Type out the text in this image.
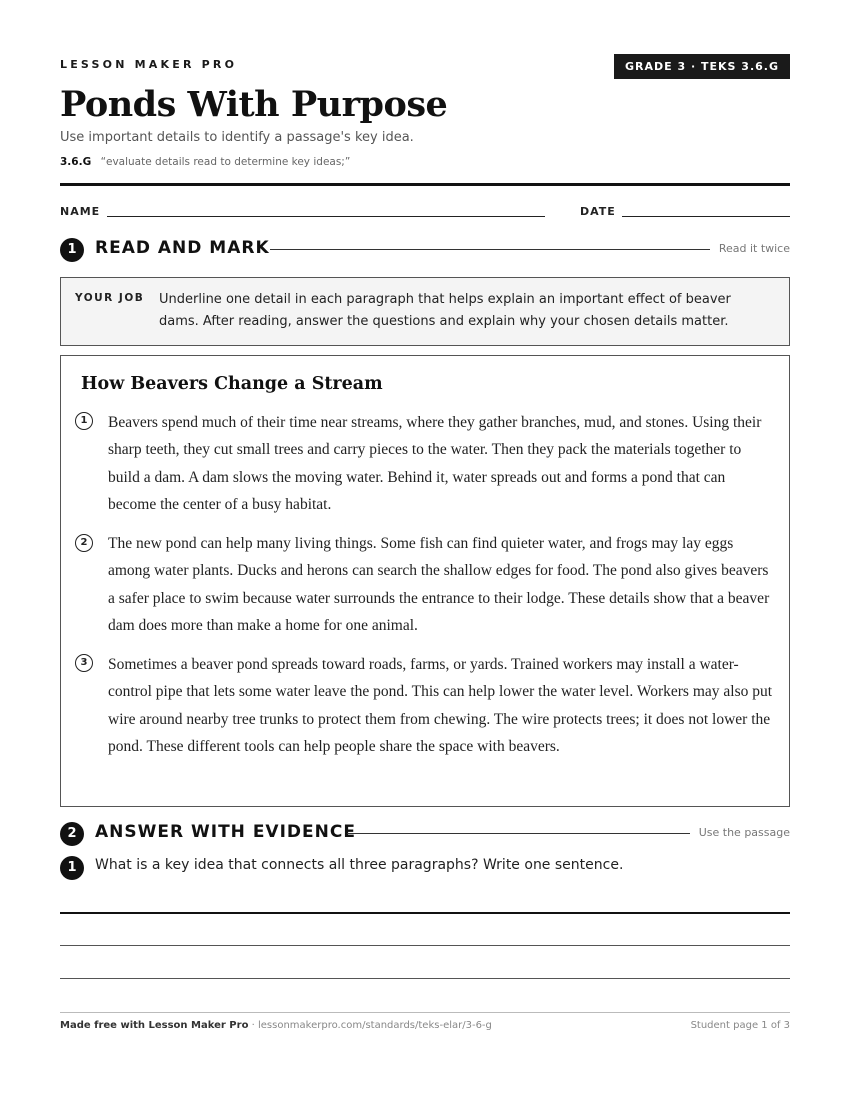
LESSON MAKER PRO	GRADE 3 · TEKS 3.6.G
Ponds With Purpose
Use important details to identify a passage's key idea.
3.6.G “evaluate details read to determine key ideas;”
NAME	DATE
1	READ AND MARK	Read it twice
YOUR JOB Underline one detail in each paragraph that helps explain an important effect of beaver dams. After reading, answer the questions and explain why your chosen details matter.
How Beavers Change a Stream
1	Beavers spend much of their time near streams, where they gather branches, mud, and stones. Using their sharp teeth, they cut small trees and carry pieces to the water. Then they pack the materials together to build a dam. A dam slows the moving water. Behind it, water spreads out and forms a pond that can become the center of a busy habitat.
2	The new pond can help many living things. Some fish can find quieter water, and frogs may lay eggs among water plants. Ducks and herons can search the shallow edges for food. The pond also gives beavers a safer place to swim because water surrounds the entrance to their lodge. These details show that a beaver dam does more than make a home for one animal.
3	Sometimes a beaver pond spreads toward roads, farms, or yards. Trained workers may install a water-control pipe that lets some water leave the pond. This can help lower the water level. Workers may also put wire around nearby tree trunks to protect them from chewing. The wire protects trees; it does not lower the pond. These different tools can help people share the space with beavers.
2	ANSWER WITH EVIDENCE	Use the passage
1	What is a key idea that connects all three paragraphs? Write one sentence.
Made free with Lesson Maker Pro · lessonmakerpro.com/standards/teks-elar/3-6-g	Student page 1 of 3
